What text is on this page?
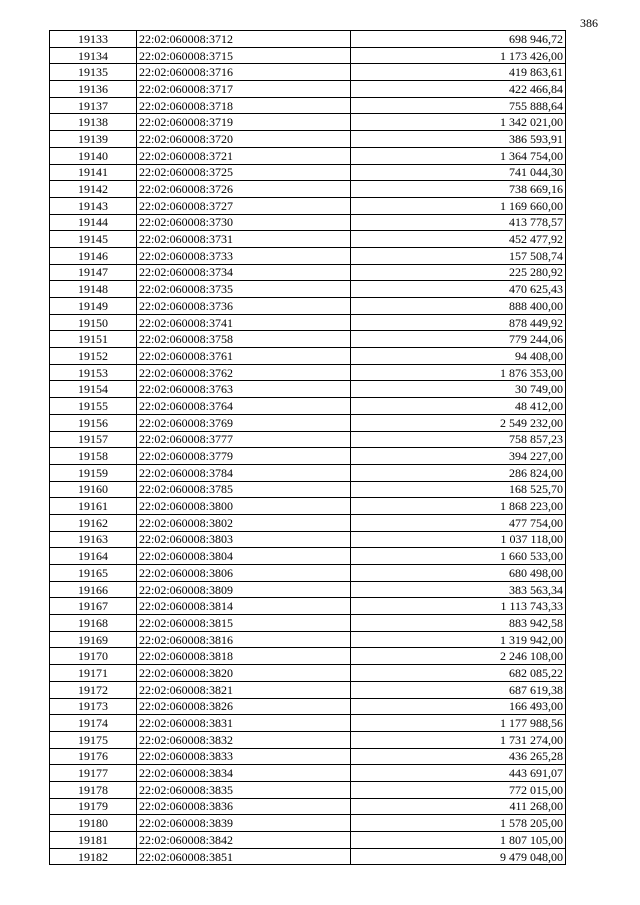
386
19133	22:02:060008:3712	698 946,72
19134	22:02:060008:3715	1 173 426,00
19135	22:02:060008:3716	419 863,61
19136	22:02:060008:3717	422 466,84
19137	22:02:060008:3718	755 888,64
19138	22:02:060008:3719	1 342 021,00
19139	22:02:060008:3720	386 593,91
19140	22:02:060008:3721	1 364 754,00
19141	22:02:060008:3725	741 044,30
19142	22:02:060008:3726	738 669,16
19143	22:02:060008:3727	1 169 660,00
19144	22:02:060008:3730	413 778,57
19145	22:02:060008:3731	452 477,92
19146	22:02:060008:3733	157 508,74
19147	22:02:060008:3734	225 280,92
19148	22:02:060008:3735	470 625,43
19149	22:02:060008:3736	888 400,00
19150	22:02:060008:3741	878 449,92
19151	22:02:060008:3758	779 244,06
19152	22:02:060008:3761	94 408,00
19153	22:02:060008:3762	1 876 353,00
19154	22:02:060008:3763	30 749,00
19155	22:02:060008:3764	48 412,00
19156	22:02:060008:3769	2 549 232,00
19157	22:02:060008:3777	758 857,23
19158	22:02:060008:3779	394 227,00
19159	22:02:060008:3784	286 824,00
19160	22:02:060008:3785	168 525,70
19161	22:02:060008:3800	1 868 223,00
19162	22:02:060008:3802	477 754,00
19163	22:02:060008:3803	1 037 118,00
19164	22:02:060008:3804	1 660 533,00
19165	22:02:060008:3806	680 498,00
19166	22:02:060008:3809	383 563,34
19167	22:02:060008:3814	1 113 743,33
19168	22:02:060008:3815	883 942,58
19169	22:02:060008:3816	1 319 942,00
19170	22:02:060008:3818	2 246 108,00
19171	22:02:060008:3820	682 085,22
19172	22:02:060008:3821	687 619,38
19173	22:02:060008:3826	166 493,00
19174	22:02:060008:3831	1 177 988,56
19175	22:02:060008:3832	1 731 274,00
19176	22:02:060008:3833	436 265,28
19177	22:02:060008:3834	443 691,07
19178	22:02:060008:3835	772 015,00
19179	22:02:060008:3836	411 268,00
19180	22:02:060008:3839	1 578 205,00
19181	22:02:060008:3842	1 807 105,00
19182	22:02:060008:3851	9 479 048,00
